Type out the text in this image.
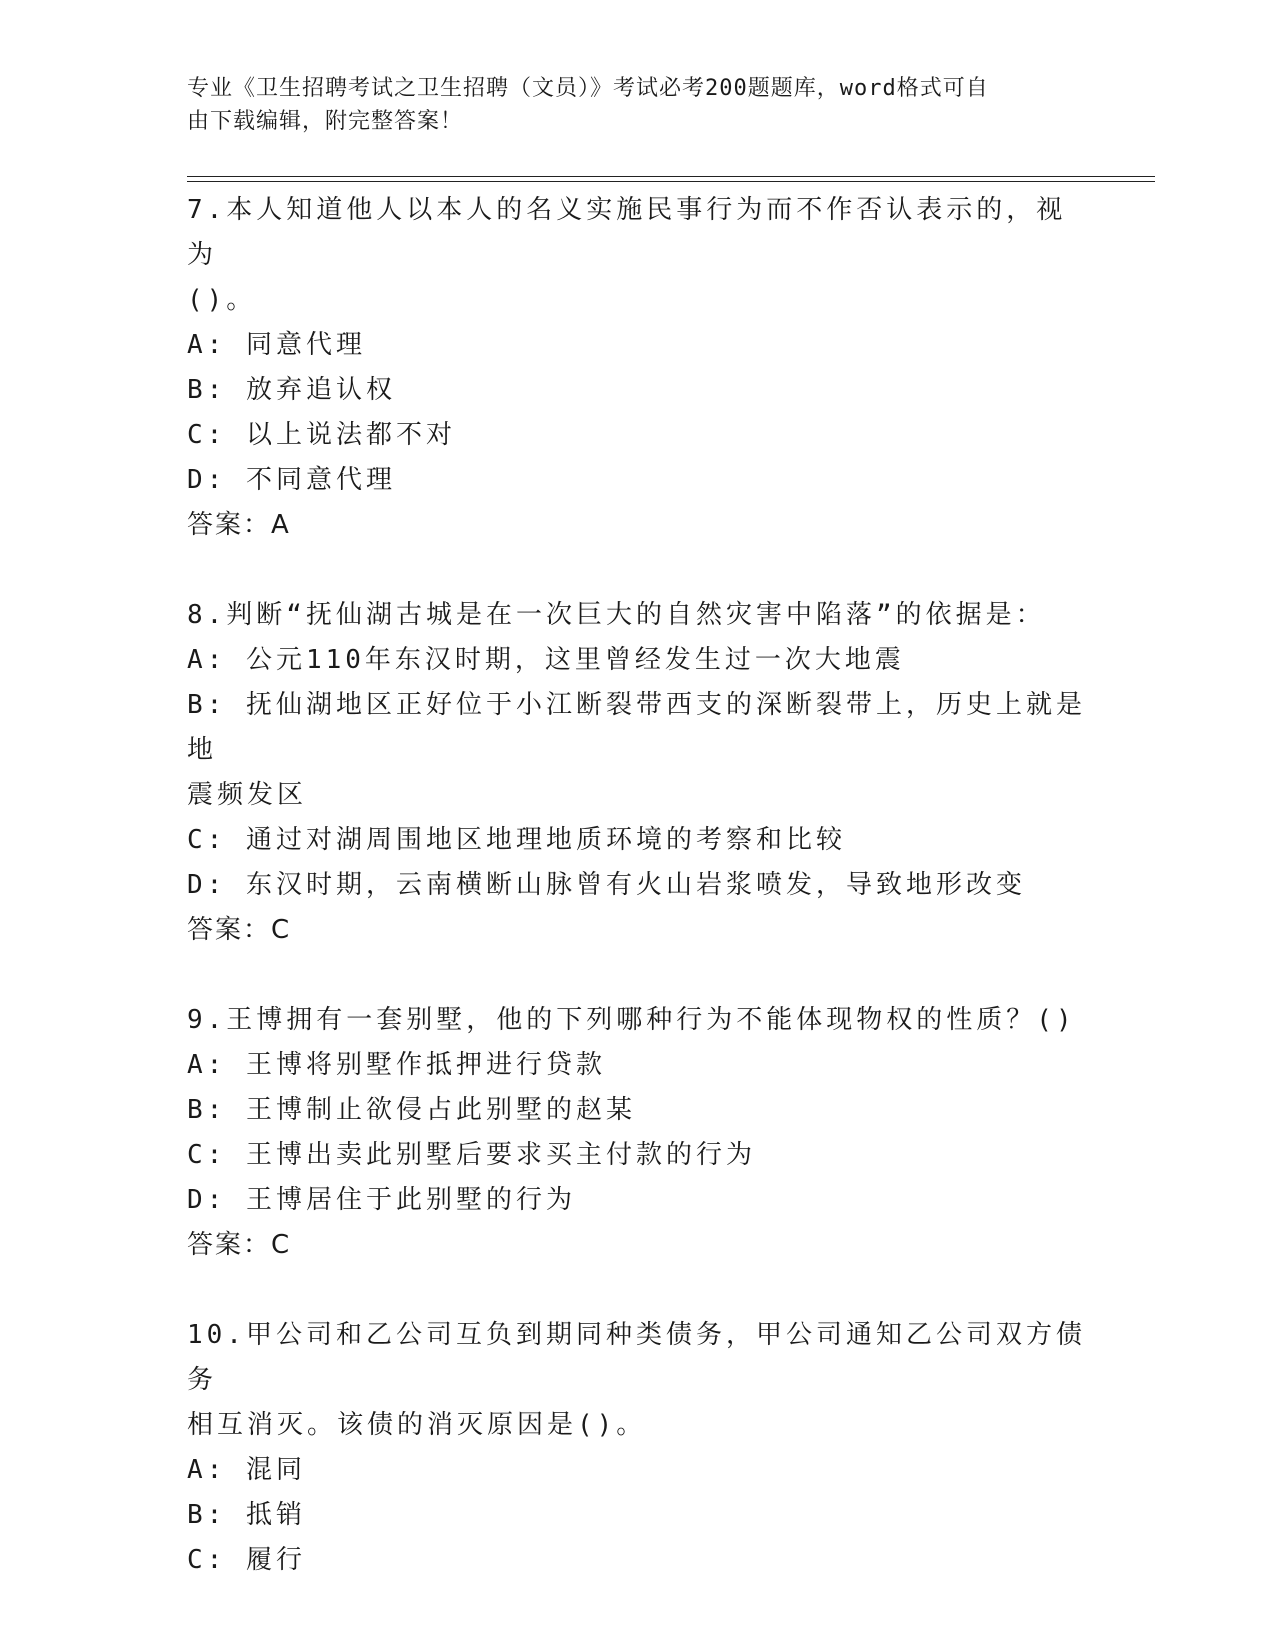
专业《卫生招聘考试之卫生招聘（文员）》考试必考200题题库，word格式可自
由下载编辑，附完整答案！
7.本人知道他人以本人的名义实施民事行为而不作否认表示的，视为
()。
A: 同意代理
B: 放弃追认权
C: 以上说法都不对
D: 不同意代理
答案：A
8.判断“抚仙湖古城是在一次巨大的自然灾害中陷落”的依据是：
A: 公元110年东汉时期，这里曾经发生过一次大地震
B: 抚仙湖地区正好位于小江断裂带西支的深断裂带上，历史上就是地
震频发区
C: 通过对湖周围地区地理地质环境的考察和比较
D: 东汉时期，云南横断山脉曾有火山岩浆喷发，导致地形改变
答案：C
9.王博拥有一套别墅，他的下列哪种行为不能体现物权的性质？()
A: 王博将别墅作抵押进行贷款
B: 王博制止欲侵占此别墅的赵某
C: 王博出卖此别墅后要求买主付款的行为
D: 王博居住于此别墅的行为
答案：C
10.甲公司和乙公司互负到期同种类债务，甲公司通知乙公司双方债务
相互消灭。该债的消灭原因是()。
A: 混同
B: 抵销
C: 履行
